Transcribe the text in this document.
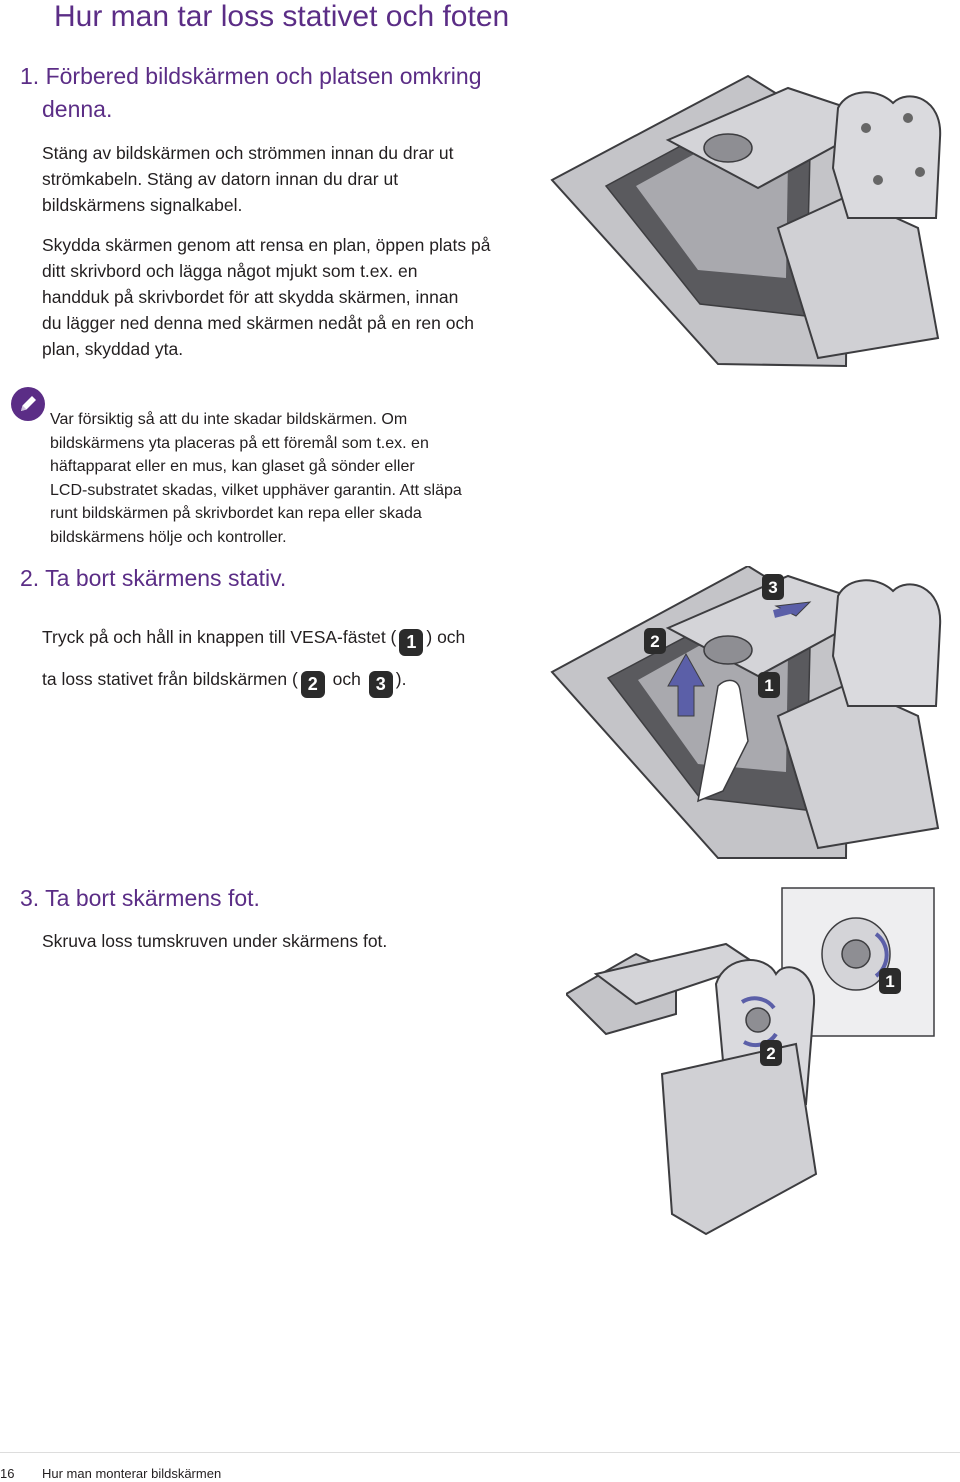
Hur man tar loss stativet och foten
1. Förbered bildskärmen och platsen omkring
denna.
Stäng av bildskärmen och strömmen innan du drar ut
strömkabeln. Stäng av datorn innan du drar ut
bildskärmens signalkabel.
Skydda skärmen genom att rensa en plan, öppen plats på
ditt skrivbord och lägga något mjukt som t.ex. en
handduk på skrivbordet för att skydda skärmen, innan
du lägger ned denna med skärmen nedåt på en ren och
plan, skyddad yta.
Var försiktig så att du inte skadar bildskärmen. Om
bildskärmens yta placeras på ett föremål som t.ex. en
häftapparat eller en mus, kan glaset gå sönder eller
LCD-substratet skadas, vilket upphäver garantin. Att släpa
runt bildskärmen på skrivbordet kan repa eller skada
bildskärmens hölje och kontroller.
2. Ta bort skärmens stativ.
Tryck på och håll in knappen till VESA-fästet ( 1 ) och
ta loss stativet från bildskärmen ( 2 och 3 ).
2
1
3
3. Ta bort skärmens fot.
Skruva loss tumskruven under skärmens fot.
1
2
16 Hur man monterar bildskärmen
